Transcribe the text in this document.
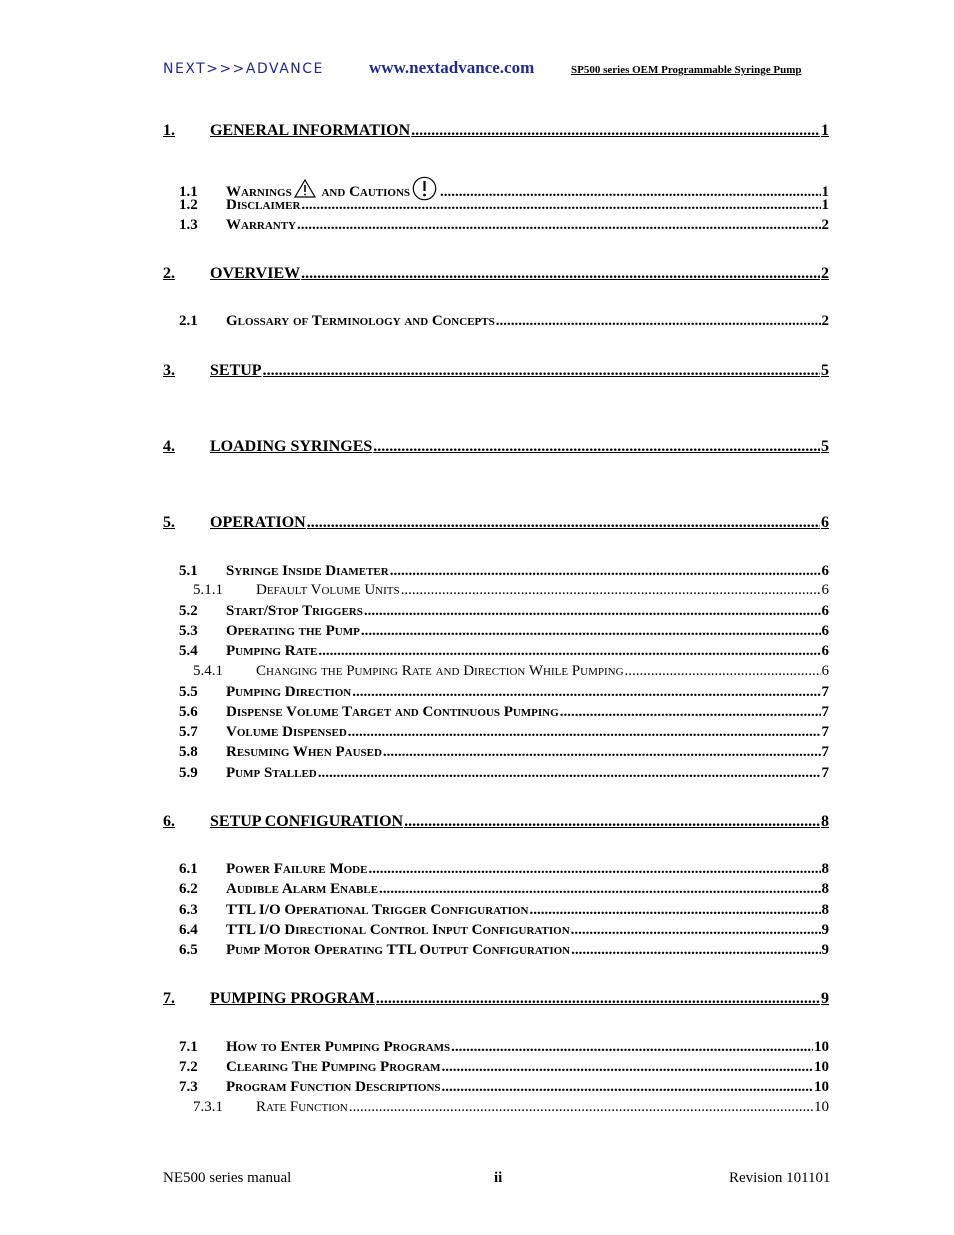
NEXT>>>ADVANCE	www.nextadvance.com	SP500 series OEM Programmable Syringe Pump
1.	GENERAL INFORMATION .....	1
1.1	Warnings and Cautions .....	1
1.2	Disclaimer .....	1
1.3	Warranty .....	2
2.	OVERVIEW .....	2
2.1	Glossary of Terminology and Concepts .....	2
3.	SETUP .....	5
4.	LOADING SYRINGES .....	5
5.	OPERATION .....	6
5.1	Syringe Inside Diameter .....	6
5.1.1	Default Volume Units .....	6
5.2	Start/Stop Triggers .....	6
5.3	Operating the Pump .....	6
5.4	Pumping Rate .....	6
5.4.1	Changing the Pumping Rate and Direction While Pumping .....	6
5.5	Pumping Direction .....	7
5.6	Dispense Volume Target and Continuous Pumping .....	7
5.7	Volume Dispensed .....	7
5.8	Resuming When Paused .....	7
5.9	Pump Stalled .....	7
6.	SETUP CONFIGURATION .....	8
6.1	Power Failure Mode .....	8
6.2	Audible Alarm Enable .....	8
6.3	TTL I/O Operational Trigger Configuration .....	8
6.4	TTL I/O Directional Control Input Configuration .....	9
6.5	Pump Motor Operating TTL Output Configuration .....	9
7.	PUMPING PROGRAM .....	9
7.1	How to Enter Pumping Programs .....	10
7.2	Clearing The Pumping Program .....	10
7.3	Program Function Descriptions .....	10
7.3.1	Rate Function .....	10
NE500 series manual	ii	Revision 101101
